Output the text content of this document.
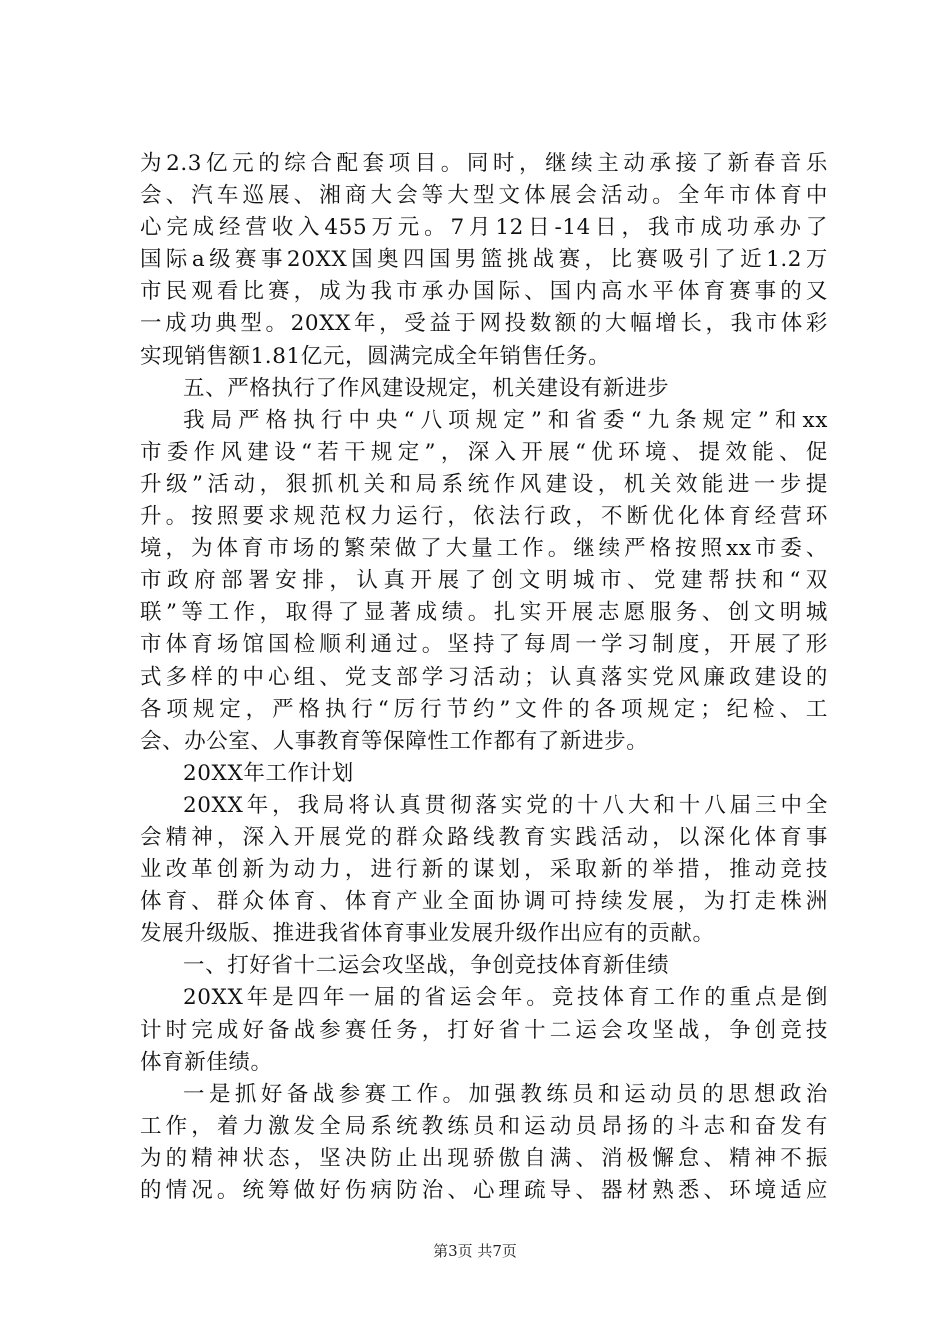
为2.3亿元的综合配套项目。同时，继续主动承接了新春音乐
会、汽车巡展、湘商大会等大型文体展会活动。全年市体育中
心完成经营收入455万元。7月12日-14日，我市成功承办了
国际a级赛事20XX国奥四国男篮挑战赛，比赛吸引了近1.2万
市民观看比赛，成为我市承办国际、国内高水平体育赛事的又
一成功典型。20XX年，受益于网投数额的大幅增长，我市体彩
实现销售额1.81亿元，圆满完成全年销售任务。
五、严格执行了作风建设规定，机关建设有新进步
我局严格执行中央“八项规定”和省委“九条规定”和xx
市委作风建设“若干规定”，深入开展“优环境、提效能、促
升级”活动，狠抓机关和局系统作风建设，机关效能进一步提
升。按照要求规范权力运行，依法行政，不断优化体育经营环
境，为体育市场的繁荣做了大量工作。继续严格按照xx市委、
市政府部署安排，认真开展了创文明城市、党建帮扶和“双
联”等工作，取得了显著成绩。扎实开展志愿服务、创文明城
市体育场馆国检顺利通过。坚持了每周一学习制度，开展了形
式多样的中心组、党支部学习活动；认真落实党风廉政建设的
各项规定，严格执行“厉行节约”文件的各项规定；纪检、工
会、办公室、人事教育等保障性工作都有了新进步。
20XX年工作计划
20XX年，我局将认真贯彻落实党的十八大和十八届三中全
会精神，深入开展党的群众路线教育实践活动，以深化体育事
业改革创新为动力，进行新的谋划，采取新的举措，推动竞技
体育、群众体育、体育产业全面协调可持续发展，为打走株洲
发展升级版、推进我省体育事业发展升级作出应有的贡献。
一、打好省十二运会攻坚战，争创竞技体育新佳绩
20XX年是四年一届的省运会年。竞技体育工作的重点是倒
计时完成好备战参赛任务，打好省十二运会攻坚战，争创竞技
体育新佳绩。
一是抓好备战参赛工作。加强教练员和运动员的思想政治
工作，着力激发全局系统教练员和运动员昂扬的斗志和奋发有
为的精神状态，坚决防止出现骄傲自满、消极懈怠、精神不振
的情况。统筹做好伤病防治、心理疏导、器材熟悉、环境适应
第3页 共7页
